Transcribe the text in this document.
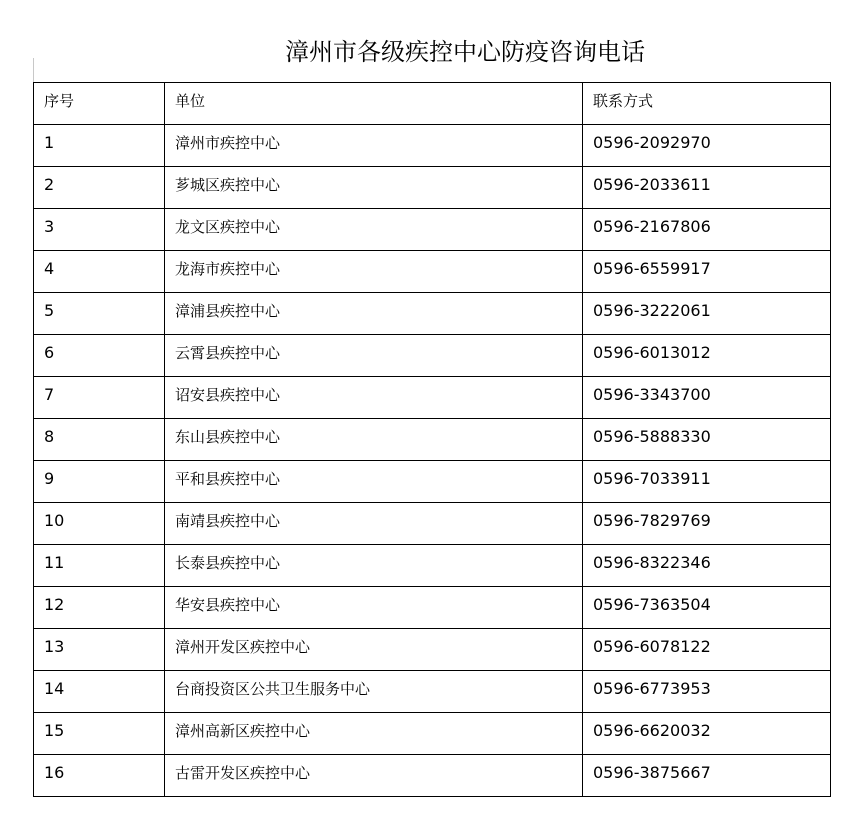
漳州市各级疾控中心防疫咨询电话
序号	单位	联系方式
1	漳州市疾控中心	0596-2092970
2	芗城区疾控中心	0596-2033611
3	龙文区疾控中心	0596-2167806
4	龙海市疾控中心	0596-6559917
5	漳浦县疾控中心	0596-3222061
6	云霄县疾控中心	0596-6013012
7	诏安县疾控中心	0596-3343700
8	东山县疾控中心	0596-5888330
9	平和县疾控中心	0596-7033911
10	南靖县疾控中心	0596-7829769
11	长泰县疾控中心	0596-8322346
12	华安县疾控中心	0596-7363504
13	漳州开发区疾控中心	0596-6078122
14	台商投资区公共卫生服务中心	0596-6773953
15	漳州高新区疾控中心	0596-6620032
16	古雷开发区疾控中心	0596-3875667
